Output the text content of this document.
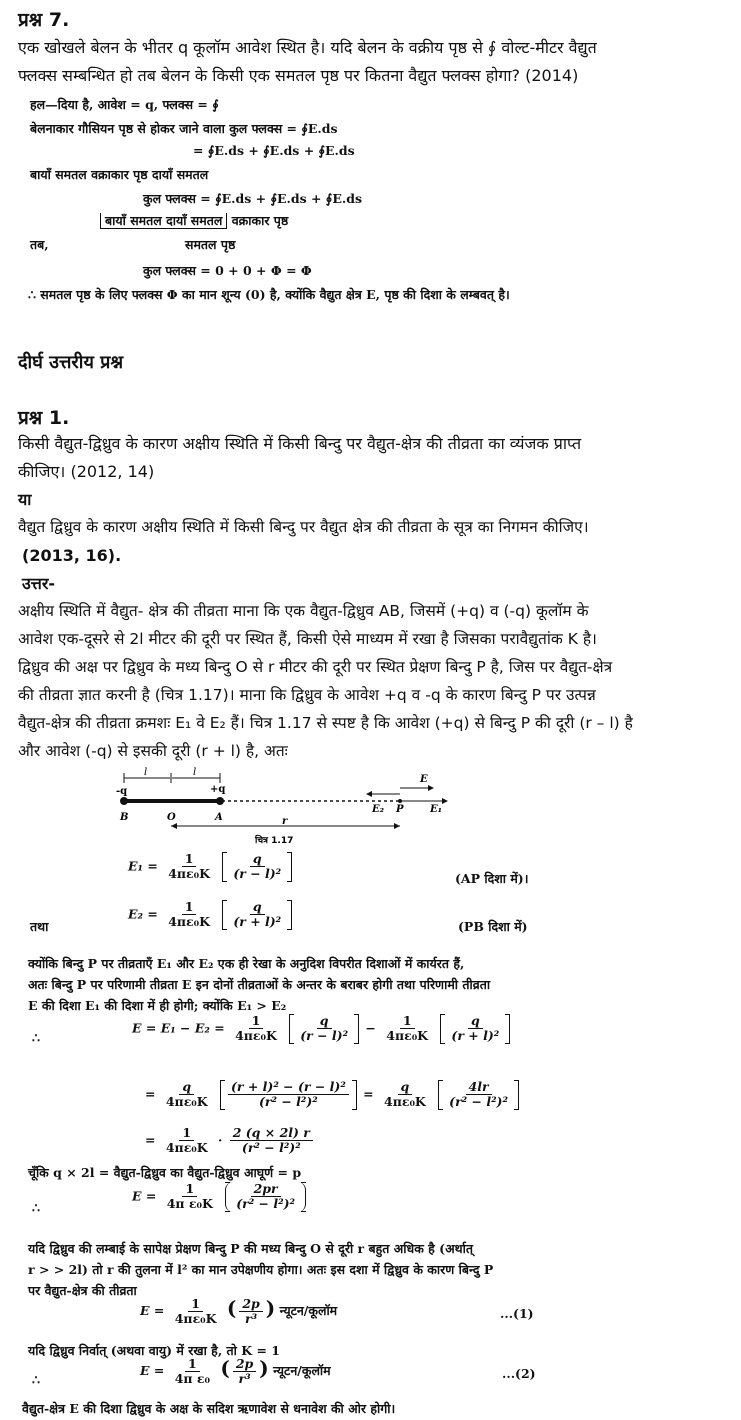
प्रश्न 7.
एक खोखले बेलन के भीतर q कूलॉम आवेश स्थित है। यदि बेलन के वक्रीय पृष्ठ से ∮ वोल्ट-मीटर वैद्युत
फ्लक्स सम्बन्धित हो तब बेलन के किसी एक समतल पृष्ठ पर कितना वैद्युत फ्लक्स होगा? (2014)
हल—दिया है, आवेश = q, फ्लक्स = ∮
बेलनाकार गौसियन पृष्ठ से होकर जाने वाला कुल फ्लक्स = ∮E.ds
= ∮E.ds + ∮E.ds + ∮E.ds
बायाँ समतल वक्राकार पृष्ठ दायाँ समतल
कुल फ्लक्स = ∮E.ds + ∮E.ds + ∮E.ds
बायाँ समतल दायाँ समतल वक्राकार पृष्ठ
तब,	समतल पृष्ठ
कुल फ्लक्स = 0 + 0 + Φ = Φ
∴ समतल पृष्ठ के लिए फ्लक्स Φ का मान शून्य (0) है, क्योंकि वैद्युत क्षेत्र E, पृष्ठ की दिशा के लम्बवत् है।
दीर्घ उत्तरीय प्रश्न
प्रश्न 1.
किसी वैद्युत-द्विध्रुव के कारण अक्षीय स्थिति में किसी बिन्दु पर वैद्युत-क्षेत्र की तीव्रता का व्यंजक प्राप्त
कीजिए। (2012, 14)
या
वैद्युत द्विध्रुव के कारण अक्षीय स्थिति में किसी बिन्दु पर वैद्युत क्षेत्र की तीव्रता के सूत्र का निगमन कीजिए।
(2013, 16).
उत्तर-
अक्षीय स्थिति में वैद्युत- क्षेत्र की तीव्रता माना कि एक वैद्युत-द्विध्रुव AB, जिसमें (+q) व (-q) कूलॉम के
आवेश एक-दूसरे से 2l मीटर की दूरी पर स्थित हैं, किसी ऐसे माध्यम में रखा है जिसका परावैद्युतांक K है।
द्विध्रुव की अक्ष पर द्विध्रुव के मध्य बिन्दु O से r मीटर की दूरी पर स्थित प्रेक्षण बिन्दु P है, जिस पर वैद्युत-क्षेत्र
की तीव्रता ज्ञात करनी है (चित्र 1.17)। माना कि द्विध्रुव के आवेश +q व -q के कारण बिन्दु P पर उत्पन्न
वैद्युत-क्षेत्र की तीव्रता क्रमशः E₁ वे E₂ हैं। चित्र 1.17 से स्पष्ट है कि आवेश (+q) से बिन्दु P की दूरी (r – l) है
और आवेश (-q) से इसकी दूरी (r + l) है, अतः
l	l
-q	+q
E
E₂ P	E₁
B	O	A	r
चित्र 1.17
$E_1 = \frac{1}{\text{4πε₀K}}$
$\frac{q}{\text{(r − l)²}}$	(AP दिशा में)।
तथा
$E_2 = \frac{1}{\text{4πε₀K}}$
$\frac{q}{\text{(r + l)²}}$	(PB दिशा में)
क्योंकि बिन्दु P पर तीव्रताएँ E₁ और E₂ एक ही रेखा के अनुदिश विपरीत दिशाओं में कार्यरत हैं,
अतः बिन्दु P पर परिणामी तीव्रता E इन दोनों तीव्रताओं के अन्तर के बराबर होगी तथा परिणामी तीव्रता
E की दिशा E₁ की दिशा में ही होगी; क्योंकि E₁ > E₂
∴
$E = E_1 - E_2 = \frac{1}{\text{4πε₀K}}$
$\frac{q}{\text{(r − l)²}} - \frac{1}{\text{4πε₀K}}$
$\frac{q}{\text{(r + l)²}}$
= $\frac{q}{\text{4πε₀K}}$
$\frac{\text{(r + l)² − (r − l)²}}{\text{(r² − l²)²}} = \frac{q}{\text{4πε₀K}}$
$\frac{4lr}{\text{(r² − l²)²}}$
= $\frac{1}{\text{4πε₀K}} \cdot \frac{2 (q \times 2l) r}{\text{(r² − l²)²}}$
चूँकि q × 2l = वैद्युत-द्विध्रुव का वैद्युत-द्विध्रुव आघूर्ण = p
∴
$E = \frac{1}{\text{4π ε₀K}}$
$\frac{2pr}{\text{(r² − l²)²}}$
यदि द्विध्रुव की लम्बाई के सापेक्ष प्रेक्षण बिन्दु P की मध्य बिन्दु O से दूरी r बहुत अधिक है (अर्थात्
r > > 2l) तो r की तुलना में l² का मान उपेक्षणीय होगा। अतः इस दशा में द्विध्रुव के कारण बिन्दु P
पर वैद्युत-क्षेत्र की तीव्रता
$E = \frac{1}{\text{4πε₀K}}$ ( $\frac{2p}{\text{r³}}$ ) न्यूटन/कूलॉम	...(1)
यदि द्विध्रुव निर्वात् (अथवा वायु) में रखा है, तो K = 1
∴
$E = \frac{1}{\text{4π ε₀}}$ ( $\frac{2p}{\text{r³}}$ ) न्यूटन/कूलॉम	...(2)
वैद्युत-क्षेत्र E की दिशा द्विध्रुव के अक्ष के सदिश ऋणावेश से धनावेश की ओर होगी।
